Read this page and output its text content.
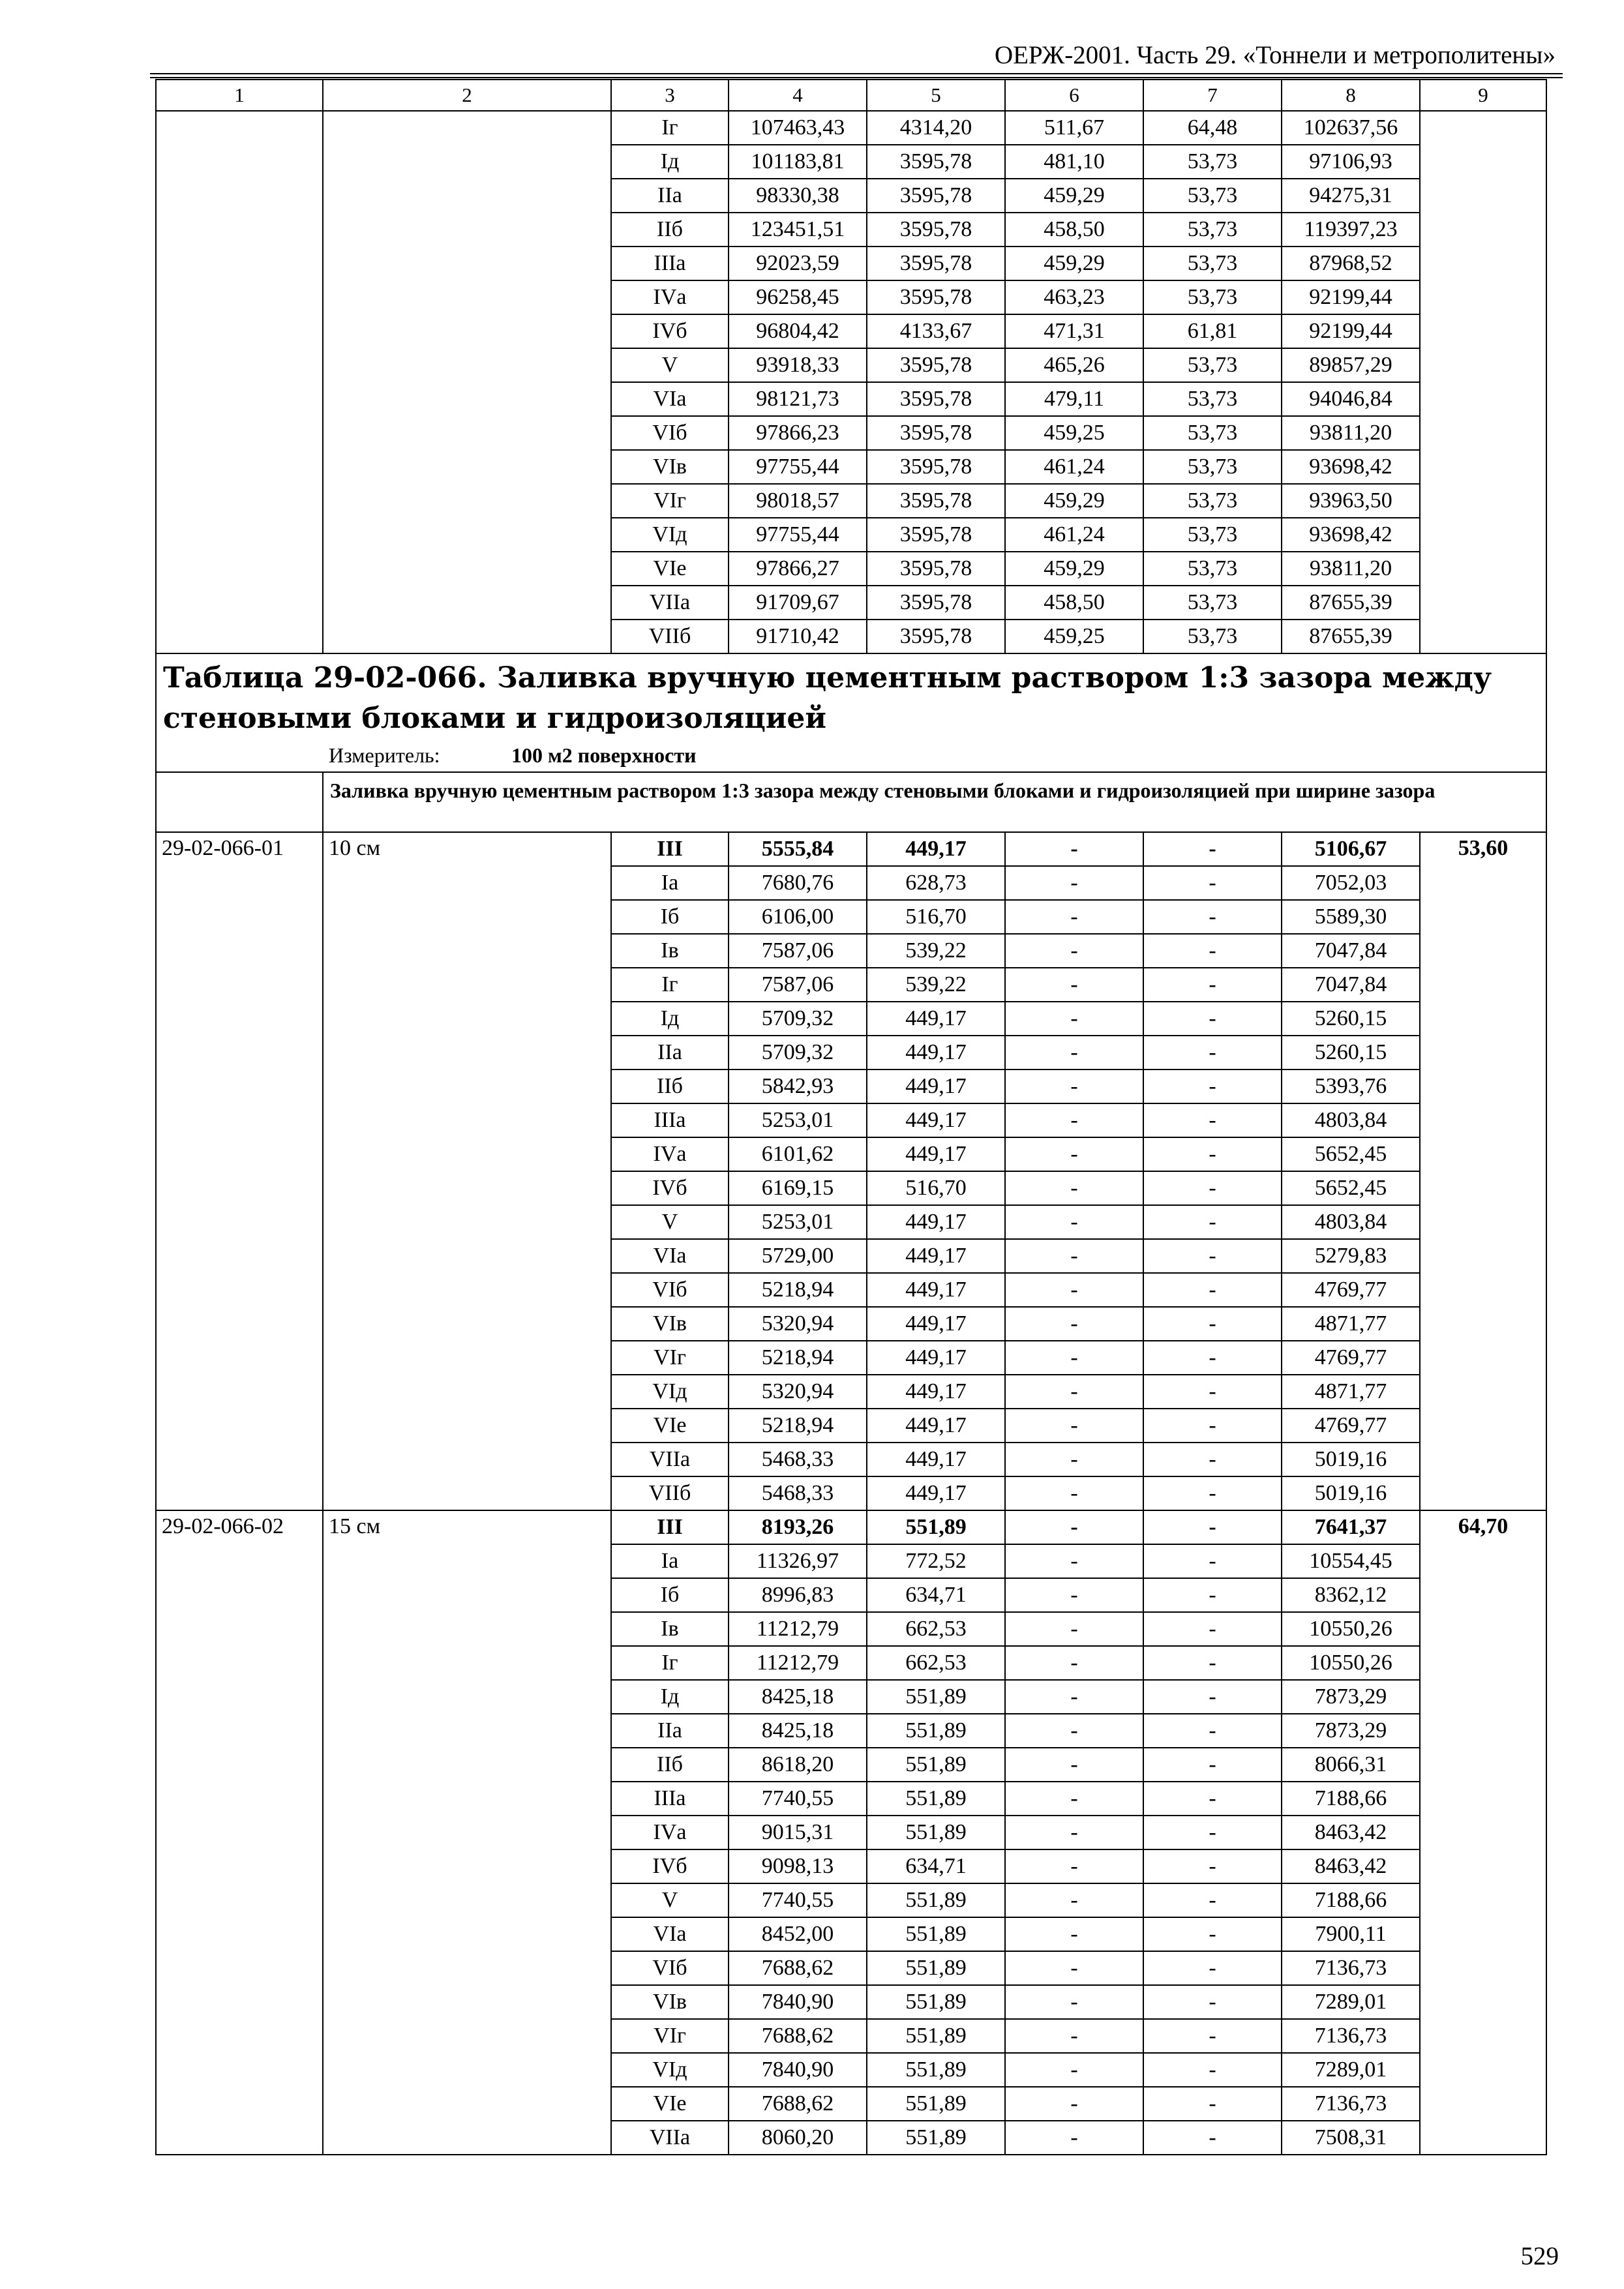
ОЕРЖ-2001. Часть 29. «Тоннели и метрополитены»
1	2	3	4	5	6	7	8	9
		Iг	107463,43	4314,20	511,67	64,48	102637,56	
		Iд	101183,81	3595,78	481,10	53,73	97106,93	
		IIа	98330,38	3595,78	459,29	53,73	94275,31	
		IIб	123451,51	3595,78	458,50	53,73	119397,23	
		IIIа	92023,59	3595,78	459,29	53,73	87968,52	
		IVа	96258,45	3595,78	463,23	53,73	92199,44	
		IVб	96804,42	4133,67	471,31	61,81	92199,44	
		V	93918,33	3595,78	465,26	53,73	89857,29	
		VIа	98121,73	3595,78	479,11	53,73	94046,84	
		VIб	97866,23	3595,78	459,25	53,73	93811,20	
		VIв	97755,44	3595,78	461,24	53,73	93698,42	
		VIг	98018,57	3595,78	459,29	53,73	93963,50	
		VIд	97755,44	3595,78	461,24	53,73	93698,42	
		VIе	97866,27	3595,78	459,29	53,73	93811,20	
		VIIа	91709,67	3595,78	458,50	53,73	87655,39	
		VIIб	91710,42	3595,78	459,25	53,73	87655,39	

Таблица 29-02-066. Заливка вручную цементным раствором 1:3 зазора между стеновыми блоками и гидроизоляцией
Измеритель: 100 м2 поверхности								

	Заливка вручную цементным раствором 1:3 зазора между стеновыми блоками и гидроизоляцией при ширине зазора							
29-02-066-01	10 см	III	5555,84	449,17	-	-	5106,67	53,60
		Iа	7680,76	628,73	-	-	7052,03	
		Iб	6106,00	516,70	-	-	5589,30	
		Iв	7587,06	539,22	-	-	7047,84	
		Iг	7587,06	539,22	-	-	7047,84	
		Iд	5709,32	449,17	-	-	5260,15	
		IIа	5709,32	449,17	-	-	5260,15	
		IIб	5842,93	449,17	-	-	5393,76	
		IIIа	5253,01	449,17	-	-	4803,84	
		IVа	6101,62	449,17	-	-	5652,45	
		IVб	6169,15	516,70	-	-	5652,45	
		V	5253,01	449,17	-	-	4803,84	
		VIа	5729,00	449,17	-	-	5279,83	
		VIб	5218,94	449,17	-	-	4769,77	
		VIв	5320,94	449,17	-	-	4871,77	
		VIг	5218,94	449,17	-	-	4769,77	
		VIд	5320,94	449,17	-	-	4871,77	
		VIе	5218,94	449,17	-	-	4769,77	
		VIIа	5468,33	449,17	-	-	5019,16	
		VIIб	5468,33	449,17	-	-	5019,16	
29-02-066-02	15 см	III	8193,26	551,89	-	-	7641,37	64,70
		Iа	11326,97	772,52	-	-	10554,45	
		Iб	8996,83	634,71	-	-	8362,12	
		Iв	11212,79	662,53	-	-	10550,26	
		Iг	11212,79	662,53	-	-	10550,26	
		Iд	8425,18	551,89	-	-	7873,29	
		IIа	8425,18	551,89	-	-	7873,29	
		IIб	8618,20	551,89	-	-	8066,31	
		IIIа	7740,55	551,89	-	-	7188,66	
		IVа	9015,31	551,89	-	-	8463,42	
		IVб	9098,13	634,71	-	-	8463,42	
		V	7740,55	551,89	-	-	7188,66	
		VIа	8452,00	551,89	-	-	7900,11	
		VIб	7688,62	551,89	-	-	7136,73	
		VIв	7840,90	551,89	-	-	7289,01	
		VIг	7688,62	551,89	-	-	7136,73	
		VIд	7840,90	551,89	-	-	7289,01	
		VIе	7688,62	551,89	-	-	7136,73	
		VIIа	8060,20	551,89	-	-	7508,31	
529
